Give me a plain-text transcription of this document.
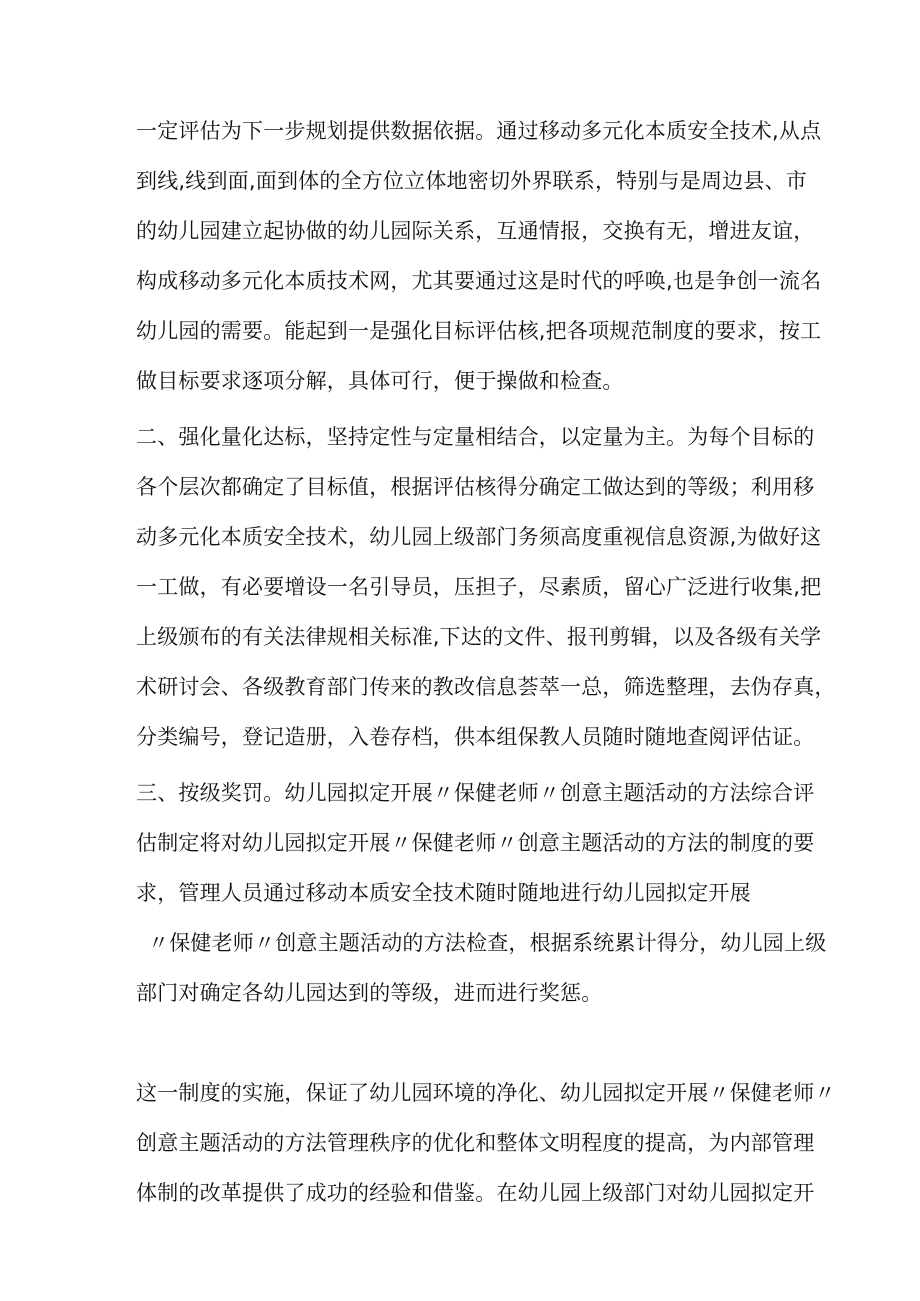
一定评估为下一步规划提供数据依据。通过移动多元化本质安全技术,从点
到线,线到面,面到体的全方位立体地密切外界联系，特别与是周边县、市
的幼儿园建立起协做的幼儿园际关系，互通情报，交换有无，增进友谊，
构成移动多元化本质技术网，尤其要通过这是时代的呼唤,也是争创一流名
幼儿园的需要。能起到一是强化目标评估核,把各项规范制度的要求，按工
做目标要求逐项分解，具体可行，便于操做和检查。

二、强化量化达标，坚持定性与定量相结合，以定量为主。为每个目标的
各个层次都确定了目标值，根据评估核得分确定工做达到的等级；利用移
动多元化本质安全技术，幼儿园上级部门务须高度重视信息资源,为做好这
一工做，有必要增设一名引导员，压担子，尽素质，留心广泛进行收集,把
上级颁布的有关法律规相关标准,下达的文件、报刊剪辑，以及各级有关学
术研讨会、各级教育部门传来的教改信息荟萃一总，筛选整理，去伪存真，
分类编号，登记造册，入卷存档，供本组保教人员随时随地查阅评估证。

三、按级奖罚。幼儿园拟定开展〃保健老师〃创意主题活动的方法综合评
估制定将对幼儿园拟定开展〃保健老师〃创意主题活动的方法的制度的要
求，管理人员通过移动本质安全技术随时随地进行幼儿园拟定开展
〃保健老师〃创意主题活动的方法检查，根据系统累计得分，幼儿园上级
部门对确定各幼儿园达到的等级，进而进行奖惩。

这一制度的实施，保证了幼儿园环境的净化、幼儿园拟定开展〃保健老师〃
创意主题活动的方法管理秩序的优化和整体文明程度的提高，为内部管理
体制的改革提供了成功的经验和借鉴。在幼儿园上级部门对幼儿园拟定开
